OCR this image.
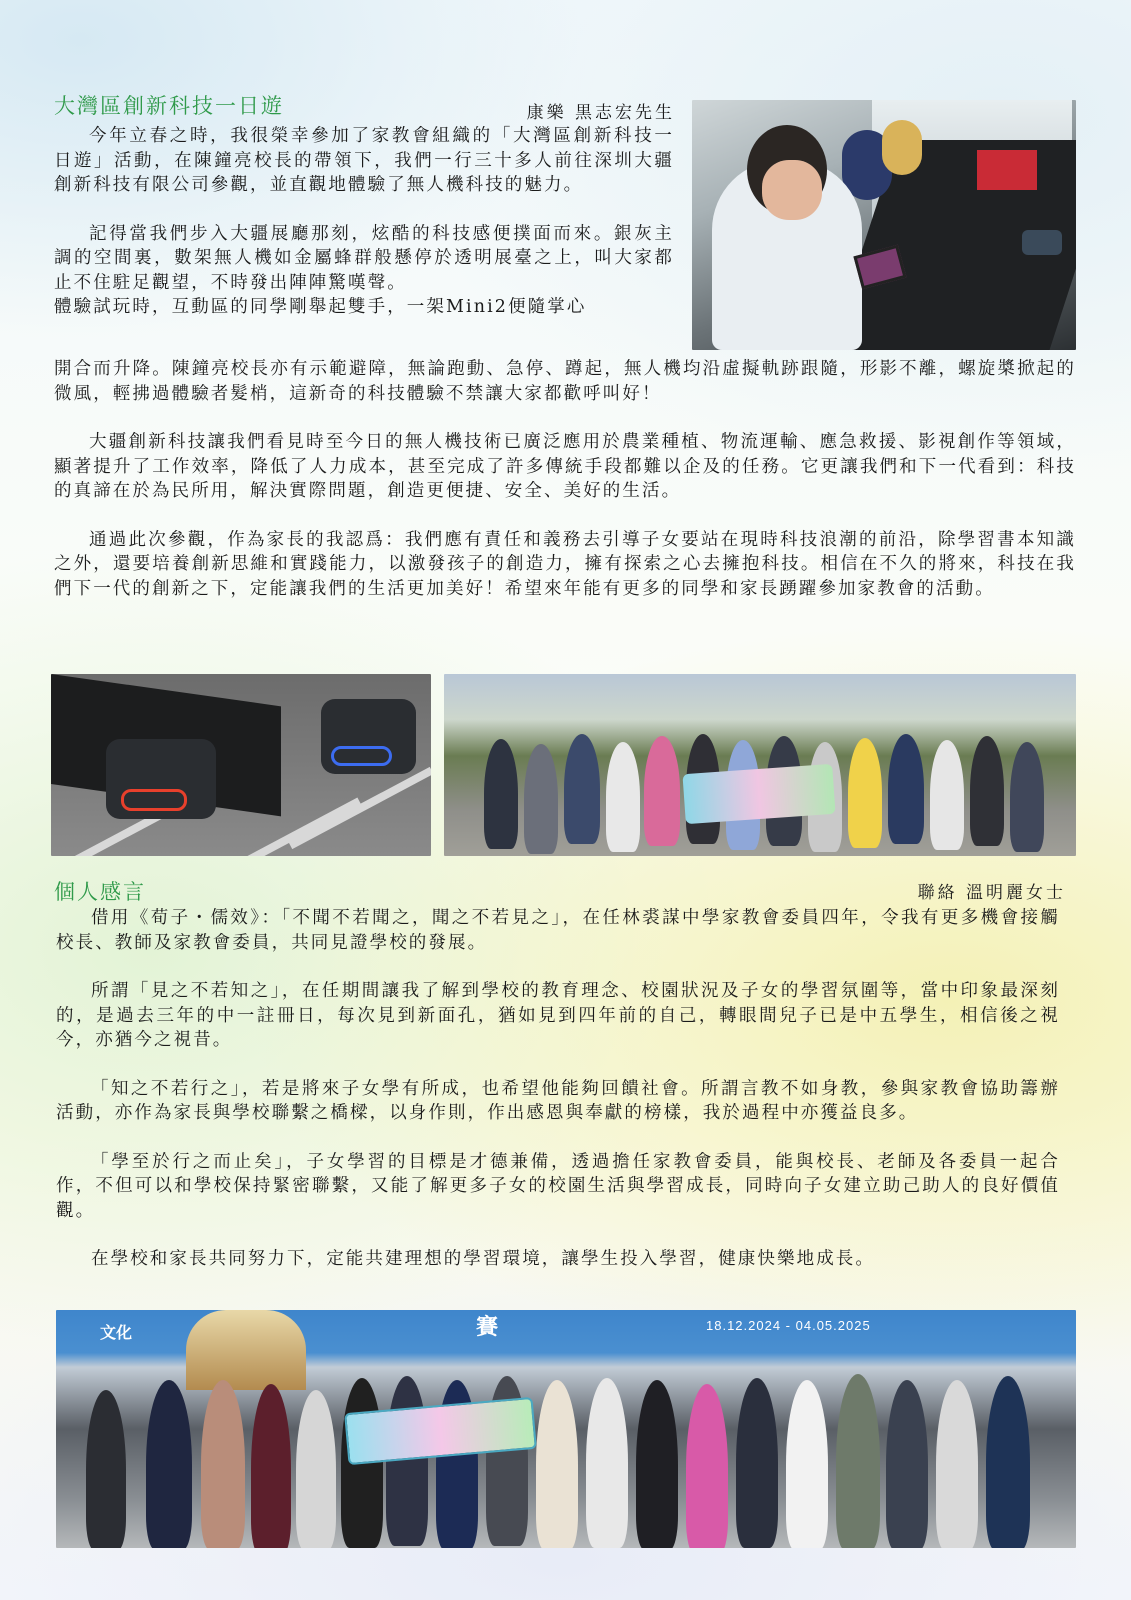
大灣區創新科技一日遊	康樂 黒志宏先生

今年立春之時，我很榮幸參加了家教會組織的「大灣區創新科技一日遊」活動，在陳鐘亮校長的帶領下，我們一行三十多人前往深圳大疆創新科技有限公司參觀，並直觀地體驗了無人機科技的魅力。

記得當我們步入大疆展廳那刻，炫酷的科技感便撲面而來。銀灰主調的空間裏，數架無人機如金屬蜂群般懸停於透明展臺之上，叫大家都止不住駐足觀望，不時發出陣陣驚嘆聲。

體驗試玩時，互動區的同學剛舉起雙手，一架Mini2便隨掌心

開合而升降。陳鐘亮校長亦有示範避障，無論跑動、急停、蹲起，無人機均沿虛擬軌跡跟隨，形影不離，螺旋槳掀起的微風，輕拂過體驗者髮梢，這新奇的科技體驗不禁讓大家都歡呼叫好！

大疆創新科技讓我們看見時至今日的無人機技術已廣泛應用於農業種植、物流運輸、應急救援、影視創作等領域，顯著提升了工作效率，降低了人力成本，甚至完成了許多傳統手段都難以企及的任務。它更讓我們和下一代看到：科技的真諦在於為民所用，解決實際問題，創造更便捷、安全、美好的生活。

通過此次參觀，作為家長的我認爲：我們應有責任和義務去引導子女要站在現時科技浪潮的前沿，除學習書本知識之外，還要培養創新思維和實踐能力，以激發孩子的創造力，擁有探索之心去擁抱科技。相信在不久的將來，科技在我們下一代的創新之下，定能讓我們的生活更加美好！希望來年能有更多的同學和家長踴躍參加家教會的活動。

個人感言	聯絡 溫明麗女士

借用《荀子・儒效》：「不聞不若聞之，聞之不若見之」，在任林裘謀中學家教會委員四年，令我有更多機會接觸校長、教師及家教會委員，共同見證學校的發展。

所謂「見之不若知之」，在任期間讓我了解到學校的教育理念、校園狀況及子女的學習氛圍等，當中印象最深刻的，是過去三年的中一註冊日，每次見到新面孔，猶如見到四年前的自己，轉眼間兒子已是中五學生，相信後之視今，亦猶今之視昔。

「知之不若行之」，若是將來子女學有所成，也希望他能夠回饋社會。所謂言教不如身教，參與家教會協助籌辦活動，亦作為家長與學校聯繫之橋樑，以身作則，作出感恩與奉獻的榜樣，我於過程中亦獲益良多。

「學至於行之而止矣」，子女學習的目標是才德兼備，透過擔任家教會委員，能與校長、老師及各委員一起合作，不但可以和學校保持緊密聯繫，又能了解更多子女的校園生活與學習成長，同時向子女建立助己助人的良好價值觀。

在學校和家長共同努力下，定能共建理想的學習環境，讓學生投入學習，健康快樂地成長。

文化	賽	18.12.2024 - 04.05.2025
